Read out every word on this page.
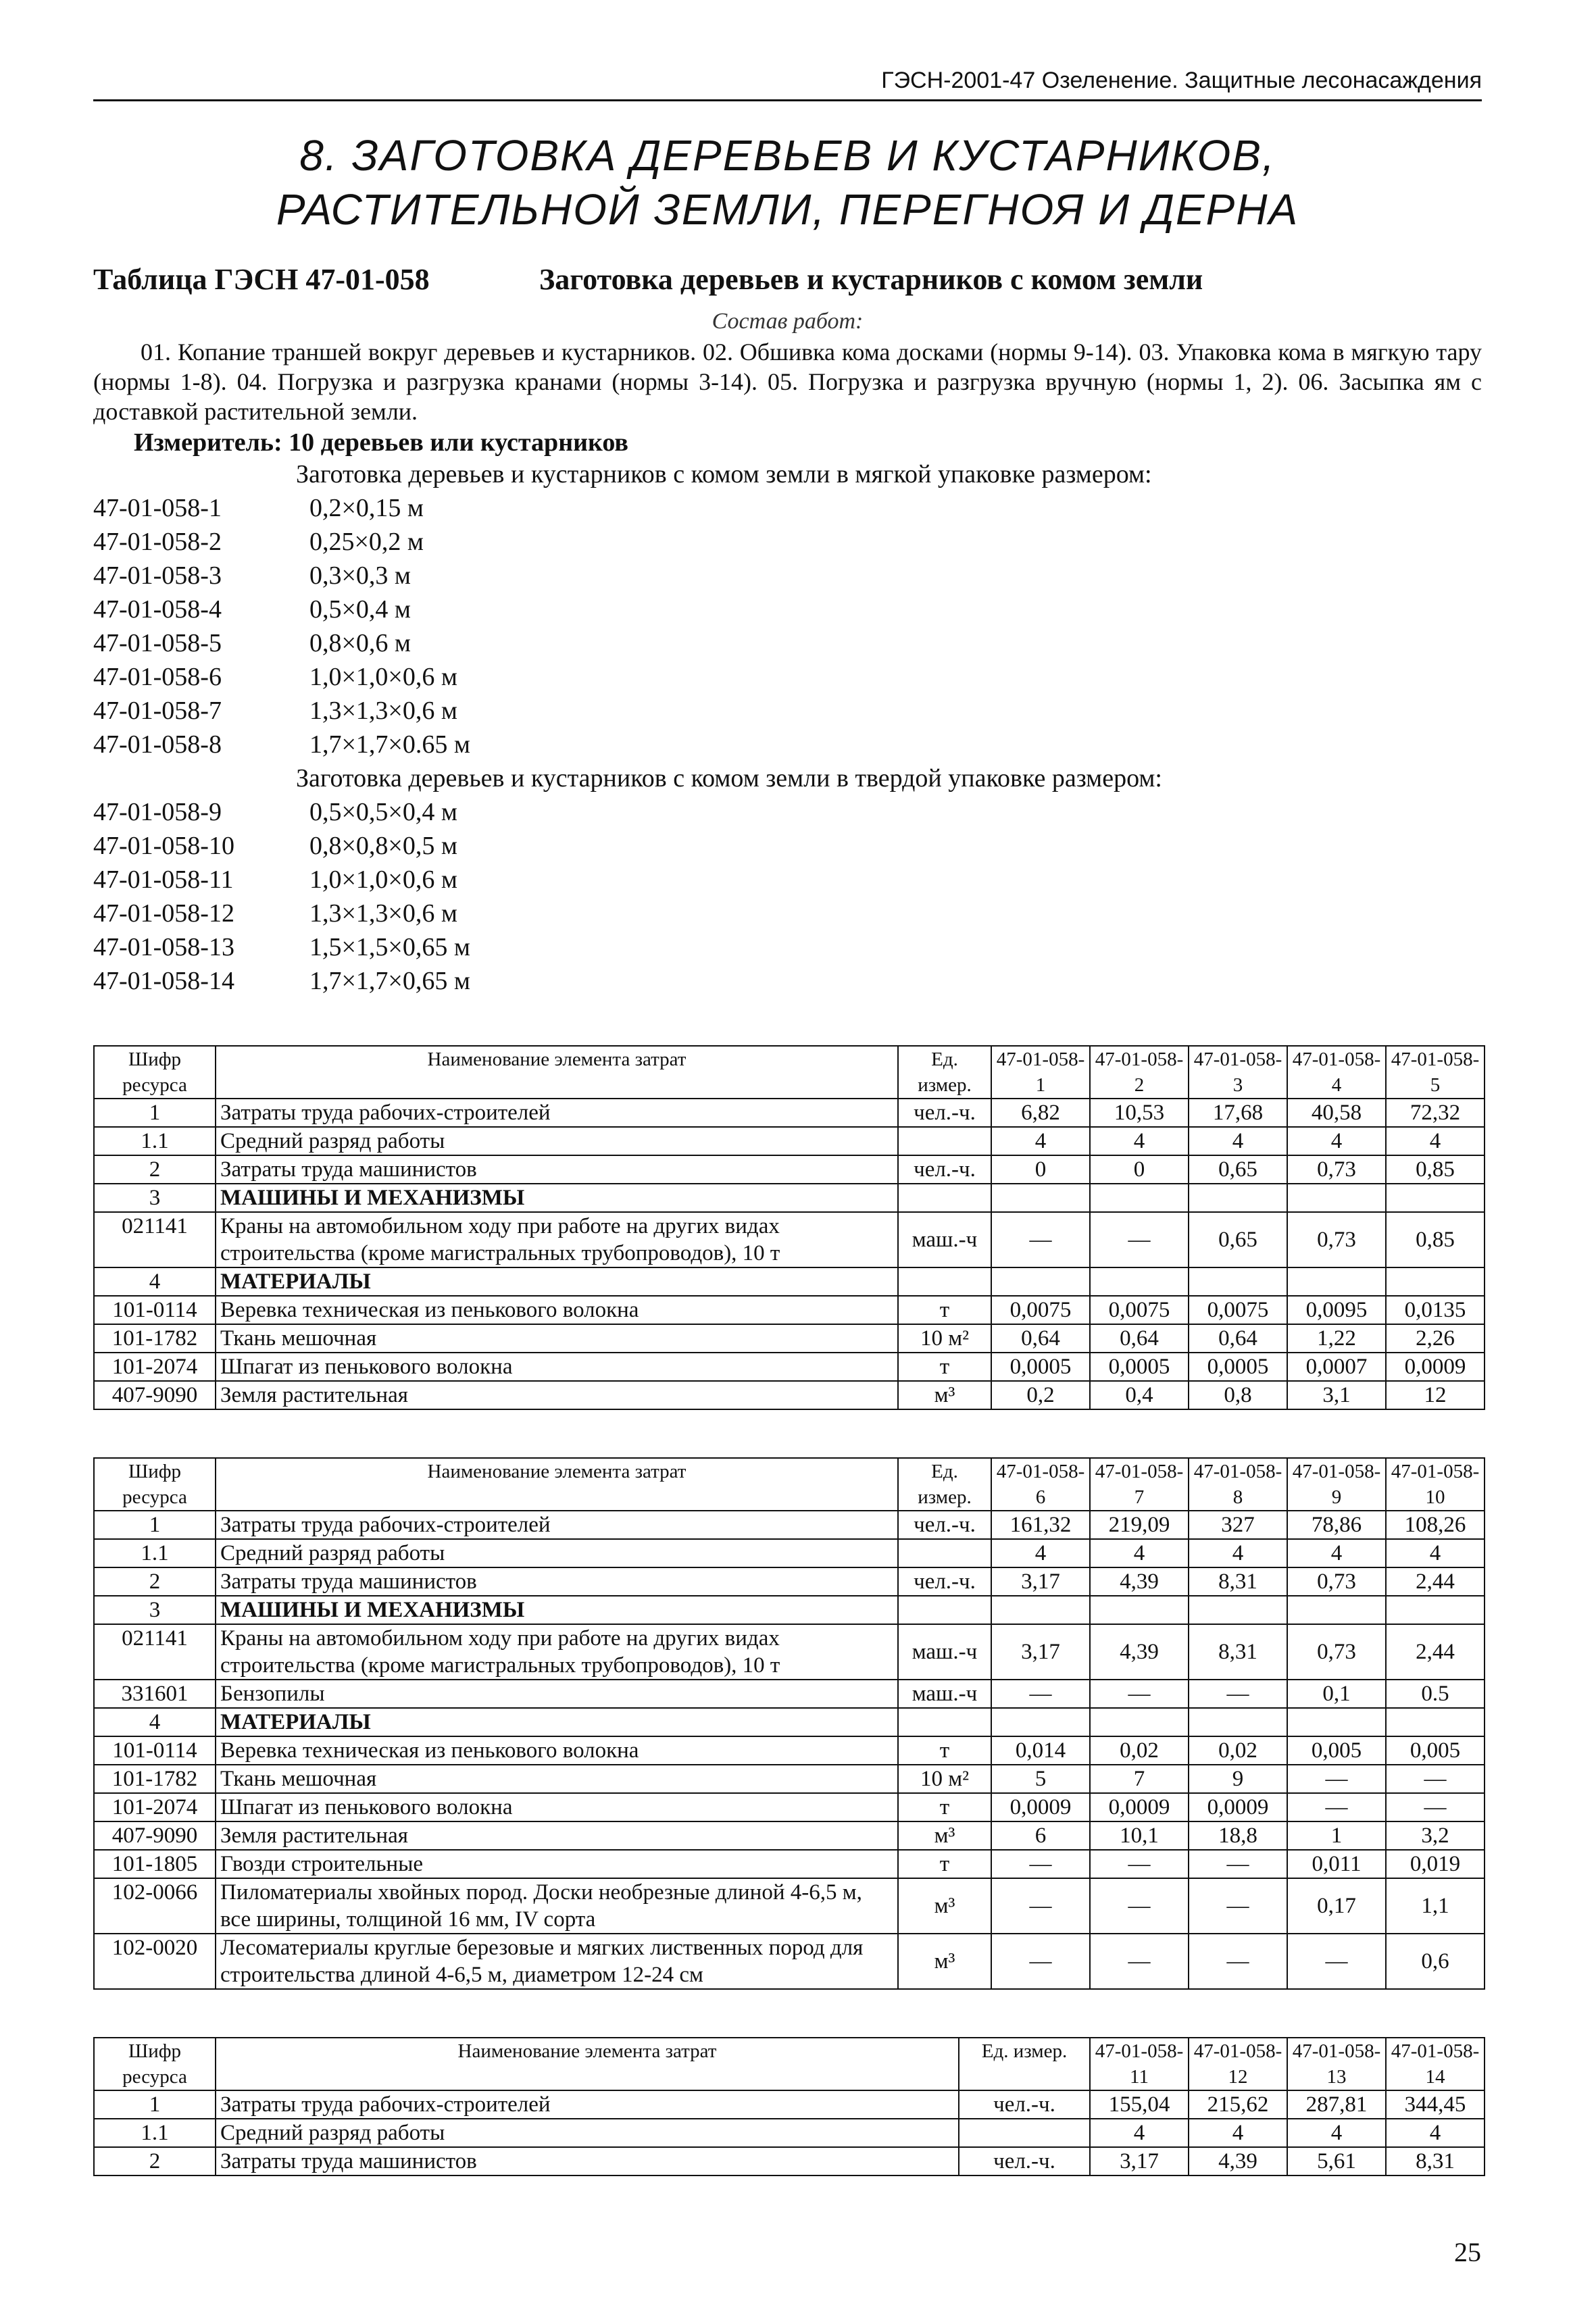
ГЭСН-2001-47 Озеленение. Защитные лесонасаждения
8. ЗАГОТОВКА ДЕРЕВЬЕВ И КУСТАРНИКОВ,
РАСТИТЕЛЬНОЙ ЗЕМЛИ, ПЕРЕГНОЯ И ДЕРНА
Таблица ГЭСН 47-01-058	Заготовка деревьев и кустарников с комом земли
Состав работ:
01. Копание траншей вокруг деревьев и кустарников. 02. Обшивка кома досками (нормы 9-14). 03. Упаковка кома в мягкую тару (нормы 1-8). 04. Погрузка и разгрузка кранами (нормы 3-14). 05. Погрузка и разгрузка вручную (нормы 1, 2). 06. Засыпка ям с доставкой растительной земли.
Измеритель: 10 деревьев или кустарников
Заготовка деревьев и кустарников с комом земли в мягкой упаковке размером:
47-01-058-1	0,2×0,15 м
47-01-058-2	0,25×0,2 м
47-01-058-3	0,3×0,3 м
47-01-058-4	0,5×0,4 м
47-01-058-5	0,8×0,6 м
47-01-058-6	1,0×1,0×0,6 м
47-01-058-7	1,3×1,3×0,6 м
47-01-058-8	1,7×1,7×0.65 м
Заготовка деревьев и кустарников с комом земли в твердой упаковке размером:
47-01-058-9	0,5×0,5×0,4 м
47-01-058-10	0,8×0,8×0,5 м
47-01-058-11	1,0×1,0×0,6 м
47-01-058-12	1,3×1,3×0,6 м
47-01-058-13	1,5×1,5×0,65 м
47-01-058-14	1,7×1,7×0,65 м
Шифр ресурса	Наименование элемента затрат	Ед. измер.	47-01-058-1	47-01-058-2	47-01-058-3	47-01-058-4	47-01-058-5
1	Затраты труда рабочих-строителей	чел.-ч.	6,82	10,53	17,68	40,58	72,32
1.1	Средний разряд работы		4	4	4	4	4
2	Затраты труда машинистов	чел.-ч.	0	0	0,65	0,73	0,85
3	МАШИНЫ И МЕХАНИЗМЫ						
021141	Краны на автомобильном ходу при работе на других видах строительства (кроме магистральных трубопроводов), 10 т	маш.-ч	—	—	0,65	0,73	0,85
4	МАТЕРИАЛЫ						
101-0114	Веревка техническая из пенькового волокна	т	0,0075	0,0075	0,0075	0,0095	0,0135
101-1782	Ткань мешочная	10 м²	0,64	0,64	0,64	1,22	2,26
101-2074	Шпагат из пенькового волокна	т	0,0005	0,0005	0,0005	0,0007	0,0009
407-9090	Земля растительная	м³	0,2	0,4	0,8	3,1	12
Шифр ресурса	Наименование элемента затрат	Ед. измер.	47-01-058-6	47-01-058-7	47-01-058-8	47-01-058-9	47-01-058-10
1	Затраты труда рабочих-строителей	чел.-ч.	161,32	219,09	327	78,86	108,26
1.1	Средний разряд работы		4	4	4	4	4
2	Затраты труда машинистов	чел.-ч.	3,17	4,39	8,31	0,73	2,44
3	МАШИНЫ И МЕХАНИЗМЫ						
021141	Краны на автомобильном ходу при работе на других видах строительства (кроме магистральных трубопроводов), 10 т	маш.-ч	3,17	4,39	8,31	0,73	2,44
331601	Бензопилы	маш.-ч	—	—	—	0,1	0.5
4	МАТЕРИАЛЫ						
101-0114	Веревка техническая из пенькового волокна	т	0,014	0,02	0,02	0,005	0,005
101-1782	Ткань мешочная	10 м²	5	7	9	—	—
101-2074	Шпагат из пенькового волокна	т	0,0009	0,0009	0,0009	—	—
407-9090	Земля растительная	м³	6	10,1	18,8	1	3,2
101-1805	Гвозди строительные	т	—	—	—	0,011	0,019
102-0066	Пиломатериалы хвойных пород. Доски необрезные длиной 4-6,5 м, все ширины, толщиной 16 мм, IV сорта	м³	—	—	—	0,17	1,1
102-0020	Лесоматериалы круглые березовые и мягких лиственных пород для строительства длиной 4-6,5 м, диаметром 12-24 см	м³	—	—	—	—	0,6
Шифр ресурса	Наименование элемента затрат	Ед. измер.	47-01-058-11	47-01-058-12	47-01-058-13	47-01-058-14
1	Затраты труда рабочих-строителей	чел.-ч.	155,04	215,62	287,81	344,45
1.1	Средний разряд работы		4	4	4	4
2	Затраты труда машинистов	чел.-ч.	3,17	4,39	5,61	8,31
25
